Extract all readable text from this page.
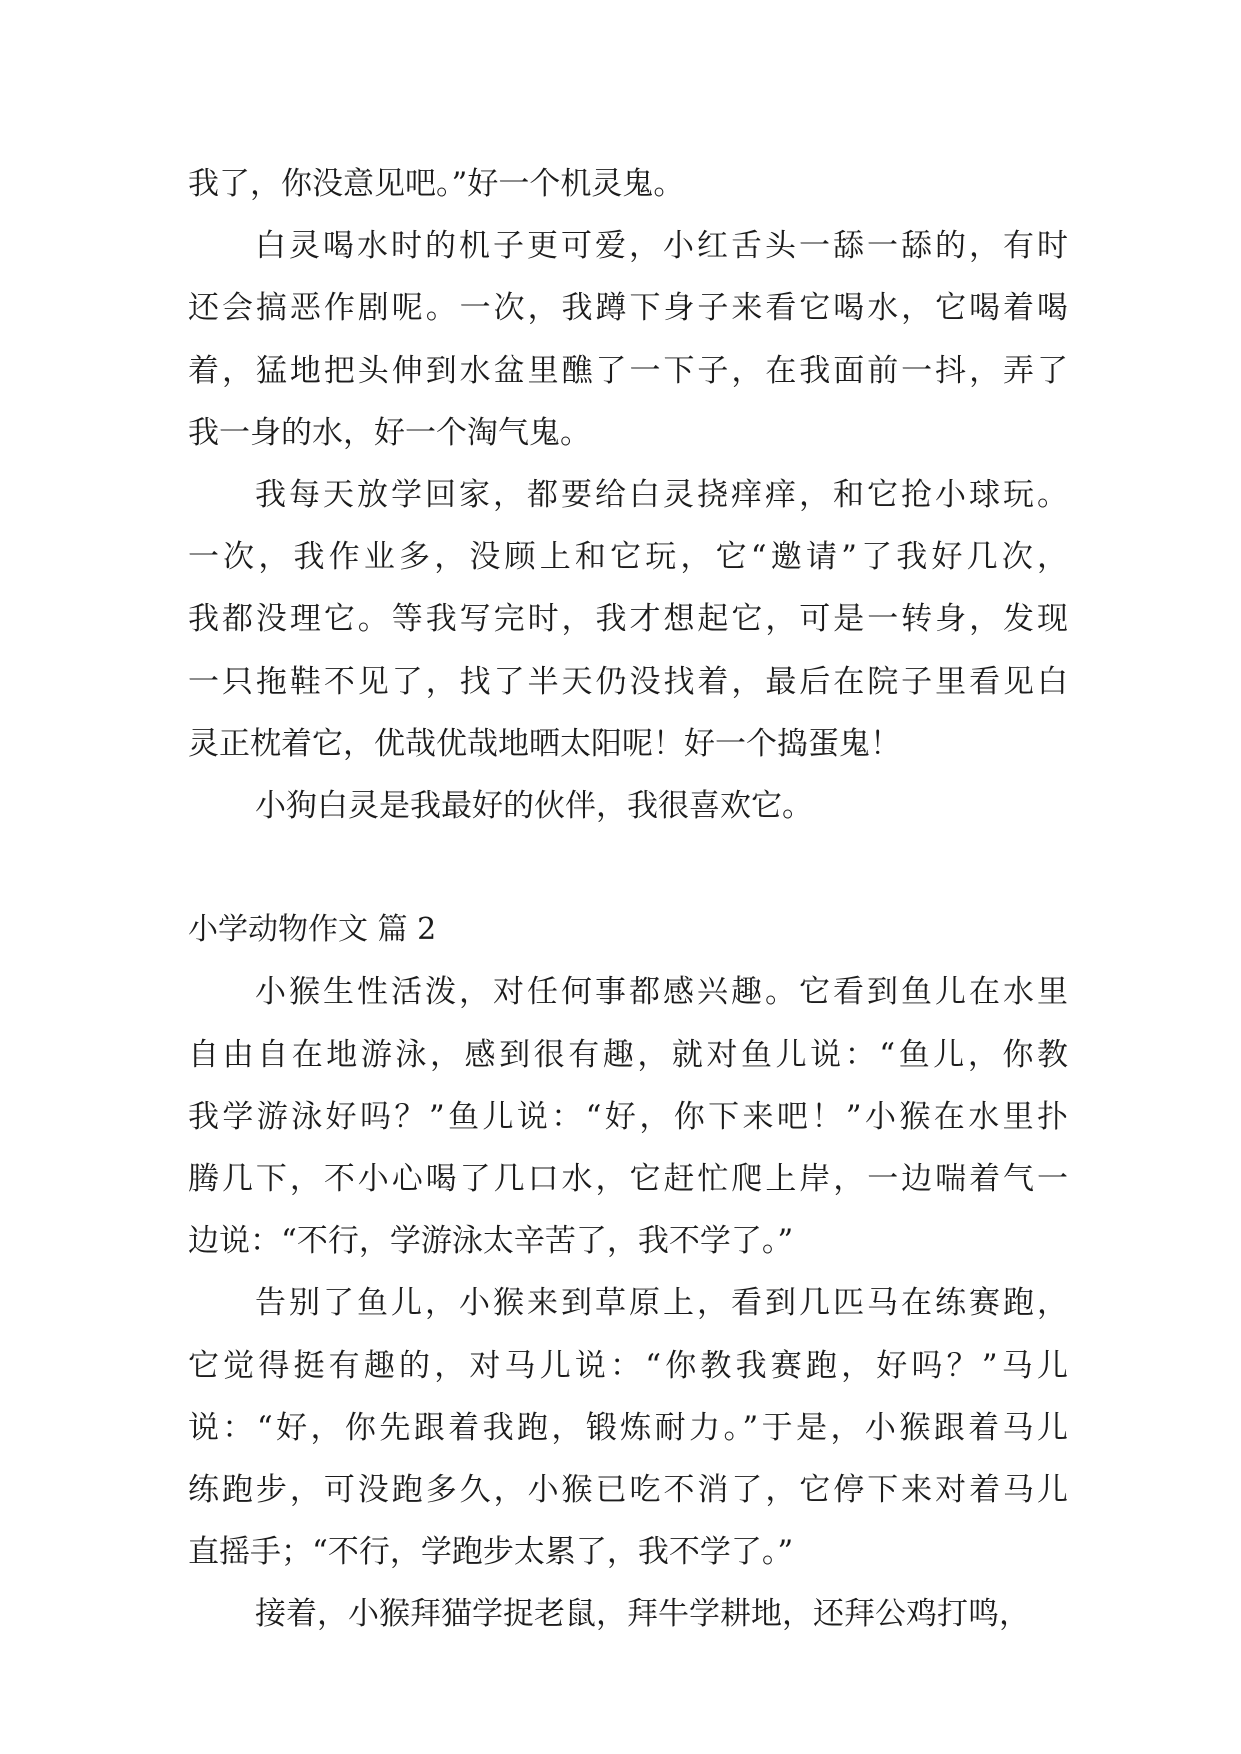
我了，你没意见吧。”好一个机灵鬼。
白灵喝水时的机子更可爱，小红舌头一舔一舔的，有时
还会搞恶作剧呢。一次，我蹲下身子来看它喝水，它喝着喝
着，猛地把头伸到水盆里醮了一下子，在我面前一抖，弄了
我一身的水，好一个淘气鬼。
我每天放学回家，都要给白灵挠痒痒，和它抢小球玩。
一次，我作业多，没顾上和它玩，它“邀请”了我好几次，
我都没理它。等我写完时，我才想起它，可是一转身，发现
一只拖鞋不见了，找了半天仍没找着，最后在院子里看见白
灵正枕着它，优哉优哉地晒太阳呢！好一个捣蛋鬼！
小狗白灵是我最好的伙伴，我很喜欢它。
小学动物作文 篇 2
小猴生性活泼，对任何事都感兴趣。它看到鱼儿在水里
自由自在地游泳，感到很有趣，就对鱼儿说：“鱼儿，你教
我学游泳好吗？”鱼儿说：“好，你下来吧！”小猴在水里扑
腾几下，不小心喝了几口水，它赶忙爬上岸，一边喘着气一
边说：“不行，学游泳太辛苦了，我不学了。”
告别了鱼儿，小猴来到草原上，看到几匹马在练赛跑，
它觉得挺有趣的，对马儿说：“你教我赛跑，好吗？”马儿
说：“好，你先跟着我跑，锻炼耐力。”于是，小猴跟着马儿
练跑步，可没跑多久，小猴已吃不消了，它停下来对着马儿
直摇手；“不行，学跑步太累了，我不学了。”
接着，小猴拜猫学捉老鼠，拜牛学耕地，还拜公鸡打鸣，
